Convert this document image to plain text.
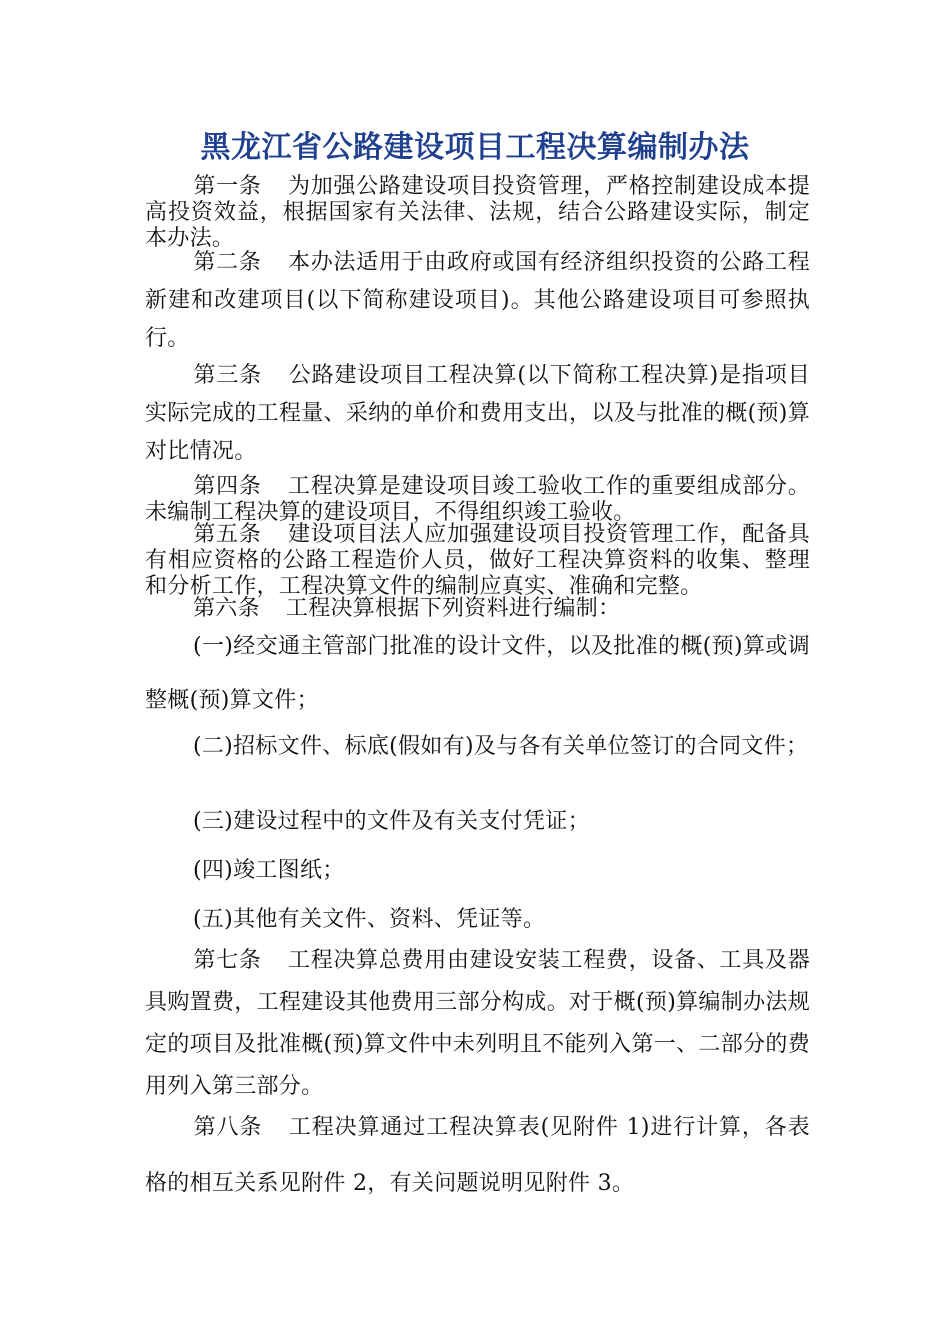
黑龙江省公路建设项目工程决算编制办法

第一条 为加强公路建设项目投资管理，严格控制建设成本提高投资效益，根据国家有关法律、法规，结合公路建设实际，制定本办法。

第二条 本办法适用于由政府或国有经济组织投资的公路工程新建和改建项目(以下简称建设项目)。其他公路建设项目可参照执行。

第三条 公路建设项目工程决算(以下简称工程决算)是指项目实际完成的工程量、采纳的单价和费用支出，以及与批准的概(预)算对比情况。

第四条 工程决算是建设项目竣工验收工作的重要组成部分。未编制工程决算的建设项目，不得组织竣工验收。

第五条 建设项目法人应加强建设项目投资管理工作，配备具有相应资格的公路工程造价人员，做好工程决算资料的收集、整理和分析工作，工程决算文件的编制应真实、准确和完整。

第六条 工程决算根据下列资料进行编制：

(一)经交通主管部门批准的设计文件，以及批准的概(预)算或调整概(预)算文件；

(二)招标文件、标底(假如有)及与各有关单位签订的合同文件；

(三)建设过程中的文件及有关支付凭证；

(四)竣工图纸；

(五)其他有关文件、资料、凭证等。

第七条 工程决算总费用由建设安装工程费，设备、工具及器具购置费，工程建设其他费用三部分构成。对于概(预)算编制办法规定的项目及批准概(预)算文件中未列明且不能列入第一、二部分的费用列入第三部分。

第八条 工程决算通过工程决算表(见附件 1)进行计算，各表格的相互关系见附件 2，有关问题说明见附件 3。
